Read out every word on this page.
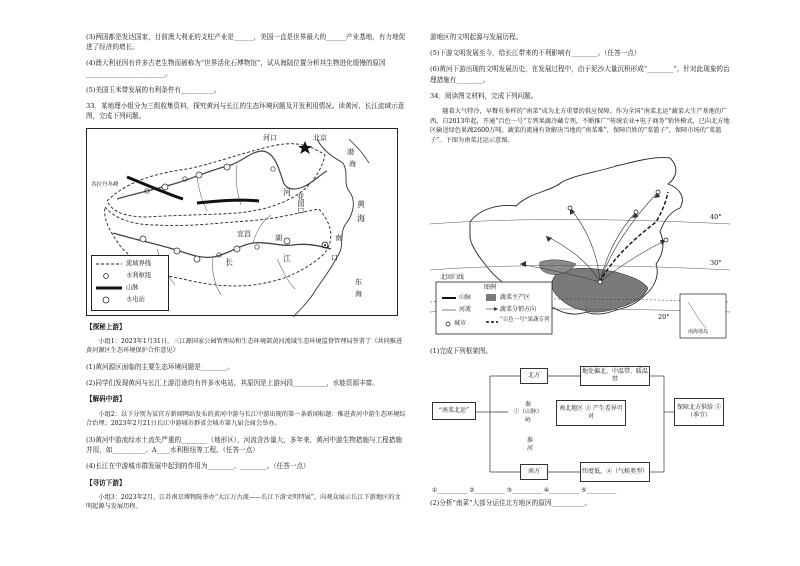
(3)两国都是发达国家，目前澳大利亚的支柱产业是______，美国一直是世界最大的______产业基地，有力地促进了经济的增长。

(4)澳大利亚因有许多古老生物而被称为“世界活化石博物馆”，试从海陆位置分析其生物进化缓慢的原因________________________。

(5)美国玉米带发展的有利条件有__________。

33．某地理小组分为三组收集资料，探究黄河与长江的生态环境问题及开发利用情况。读黄河、长江流域示意图，完成下列问题。

河口	北京
渤
海
黄
海
花园口
湖
口
宜昌	南
东
海
长	江
河
各拉丹冬峰
流域界线
水利枢纽
山脉
水电站

【探秘上游】

小组1：2023年1月31日，三江源国家公园管理局和生态环境部黄河流域生态环境监督管理局签署了《共同推进黄河源区生态环境保护合作意见》

(1)黄河源区面临的主要生态环境问题是________。

(2)同学们发现黄河与长江上游沿途均有许多水电站，其原因是上游河段__________，水能资源丰富。

【解码中游】

小组2：以下分别为某官方新闻网站发布的黄河中游与长江中游出现的第一条新闻标题：推进黄河中游生态环境综合治理；2023年2月21日长江中游城市群省会城市第九届会商会举办。

(3)黄河中游流经水土流失严重的________（地形区），河流含沙量大，多年来，黄河中游生物措施与工程措施并用，如__________、A____水利枢纽等工程。（任答一点）

(4)长江在中游城市群发展中起到的作用为________、________。（任答一点）

【寻访下游】

小组3：2023年2月，江苏南京博物院举办“大江万古流——长江下游文明特展”，向观众展示长江下游地区的文明起源与发展历程。

游地区的文明起源与发展历程。

(5)下游文明发展至今，给长江带来的不利影响有________。（任答一点）

(6)黄河下游出现的文明发展历史，在发展过程中，由于泥沙大量沉积形成“________”，针对此现象的治理措施有________。

34．阅读图文材料，完成下列问题。

随着大气特冷，早餐有多样的“南菜”成为北方重要的供应保障。作为全国“南菜北运”蔬菜大生产基地的广西，自2013年起，开通“百色一号”专列果蔬冷藏专列，不断推广“传统农业+电子商务”销售模式，已向北方地区输送绿色果蔬2600万吨。蔬菜的流通有效解决当地的“南菜难”，保障百姓的“菜篮子”，保障市场的“菜篮子”。下图为南菜北运示意图。

40°
30°
20°
北回归线
图例
山脉
河流
城市
蔬菜主产区
蔬菜分销方向
“百色一号”果蔬专列
南海诸岛

(1)完成下列框架图。

“南菜北运”
北方
地处偏北，中温带、暖温带
秦
①（山脉）
岭
南北地区 ③ 产生差异可对
淮
河
南方	纬度低，②（气候类型）
保障北方供给 ⑤（季节）
①__________ ②__________ ③__________ ④__________ ⑤__________

(2)分析“南菜”大部分运往北方地区的原因__________。
